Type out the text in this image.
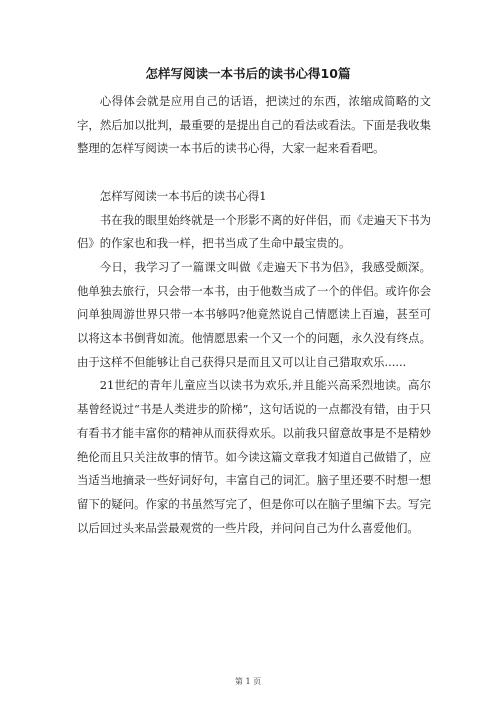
怎样写阅读一本书后的读书心得10篇

心得体会就是应用自己的话语，把读过的东西，浓缩成简略的文字，然后加以批判，最重要的是提出自己的看法或看法。下面是我收集整理的怎样写阅读一本书后的读书心得，大家一起来看看吧。

怎样写阅读一本书后的读书心得1

书在我的眼里始终就是一个形影不离的好伴侣，而《走遍天下书为侣》的作家也和我一样，把书当成了生命中最宝贵的。

今日，我学习了一篇课文叫做《走遍天下书为侣》，我感受颇深。他单独去旅行，只会带一本书，由于他数当成了一个的伴侣。或许你会问单独周游世界只带一本书够吗?他竟然说自己情愿读上百遍，甚至可以将这本书倒背如流。他情愿思索一个又一个的问题，永久没有终点。由于这样不但能够让自己获得只是而且又可以让自己猎取欢乐......

21世纪的青年儿童应当以读书为欢乐,并且能兴高采烈地读。高尔基曾经说过“书是人类进步的阶梯”，这句话说的一点都没有错，由于只有看书才能丰富你的精神从而获得欢乐。以前我只留意故事是不是精妙绝伦而且只关注故事的情节。如今读这篇文章我才知道自己做错了，应当适当地摘录一些好词好句，丰富自己的词汇。脑子里还要不时想一想留下的疑问。作家的书虽然写完了，但是你可以在脑子里编下去。写完以后回过头来品尝最观赏的一些片段，并问问自己为什么喜爱他们。

第 1 页
